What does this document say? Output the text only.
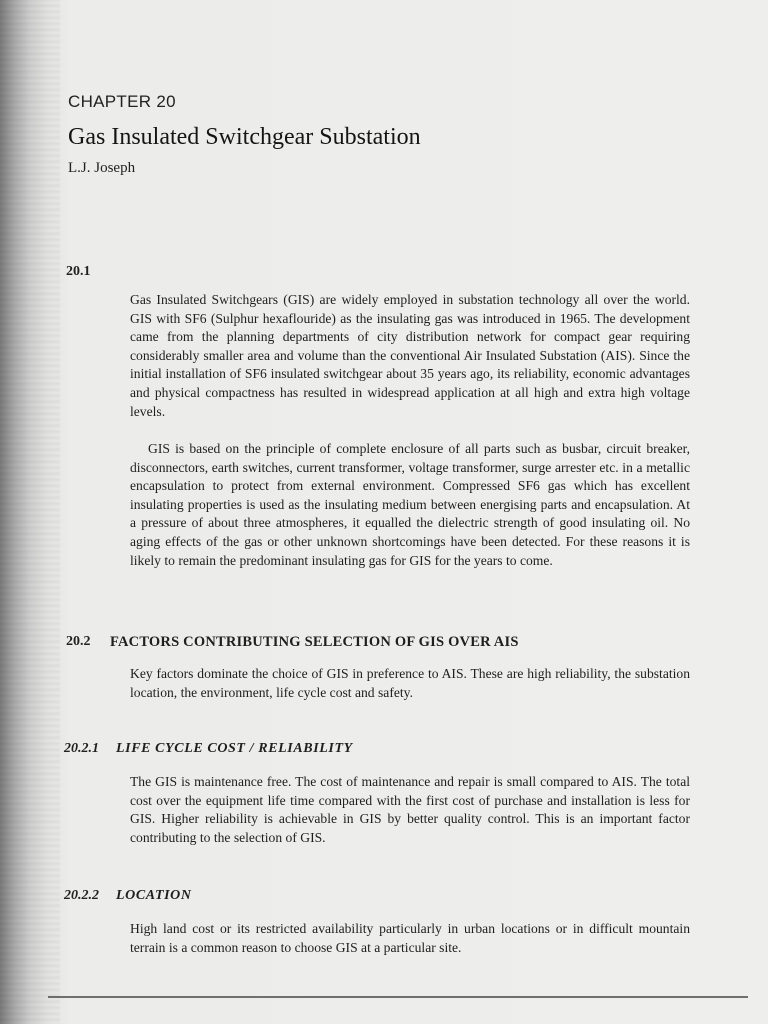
CHAPTER 20
Gas Insulated Switchgear Substation
L.J. Joseph
20.1

Gas Insulated Switchgears (GIS) are widely employed in substation technology all over the world. GIS with SF6 (Sulphur hexaflouride) as the insulating gas was introduced in 1965. The development came from the planning departments of city distribution network for compact gear requiring considerably smaller area and volume than the conventional Air Insulated Substation (AIS). Since the initial installation of SF6 insulated switchgear about 35 years ago, its reliability, economic advantages and physical compactness has resulted in widespread application at all high and extra high voltage levels.

GIS is based on the principle of complete enclosure of all parts such as busbar, circuit breaker, disconnectors, earth switches, current transformer, voltage transformer, surge arrester etc. in a metallic encapsulation to protect from external environment. Compressed SF6 gas which has excellent insulating properties is used as the insulating medium between energising parts and encapsulation. At a pressure of about three atmospheres, it equalled the dielectric strength of good insulating oil. No aging effects of the gas or other unknown shortcomings have been detected. For these reasons it is likely to remain the predominant insulating gas for GIS for the years to come.

20.2 FACTORS CONTRIBUTING SELECTION OF GIS OVER AIS

Key factors dominate the choice of GIS in preference to AIS. These are high reliability, the substation location, the environment, life cycle cost and safety.

20.2.1 LIFE CYCLE COST / RELIABILITY

The GIS is maintenance free. The cost of maintenance and repair is small compared to AIS. The total cost over the equipment life time compared with the first cost of purchase and installation is less for GIS. Higher reliability is achievable in GIS by better quality control. This is an important factor contributing to the selection of GIS.

20.2.2 LOCATION

High land cost or its restricted availability particularly in urban locations or in difficult mountain terrain is a common reason to choose GIS at a particular site.
